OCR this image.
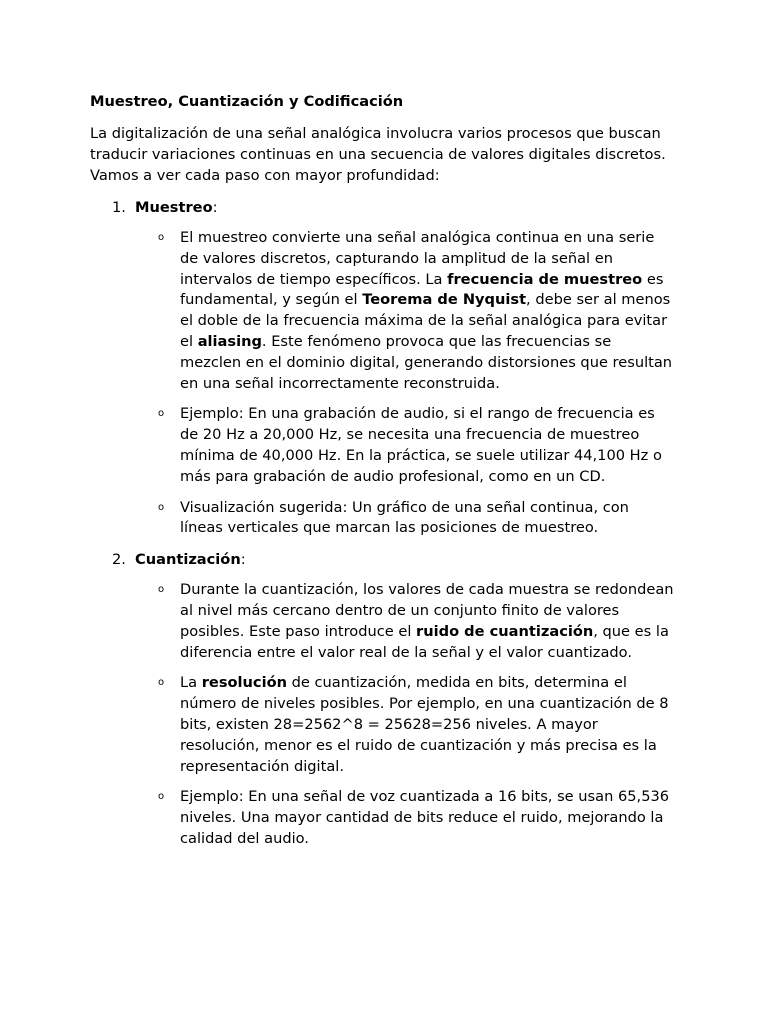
Muestreo, Cuantización y Codificación
La digitalización de una señal analógica involucra varios procesos que buscan traducir variaciones continuas en una secuencia de valores digitales discretos. Vamos a ver cada paso con mayor profundidad:
1. Muestreo:
o El muestreo convierte una señal analógica continua en una serie de valores discretos, capturando la amplitud de la señal en intervalos de tiempo específicos. La frecuencia de muestreo es fundamental, y según el Teorema de Nyquist, debe ser al menos el doble de la frecuencia máxima de la señal analógica para evitar el aliasing. Este fenómeno provoca que las frecuencias se mezclen en el dominio digital, generando distorsiones que resultan en una señal incorrectamente reconstruida.
o Ejemplo: En una grabación de audio, si el rango de frecuencia es de 20 Hz a 20,000 Hz, se necesita una frecuencia de muestreo mínima de 40,000 Hz. En la práctica, se suele utilizar 44,100 Hz o más para grabación de audio profesional, como en un CD.
o Visualización sugerida: Un gráfico de una señal continua, con líneas verticales que marcan las posiciones de muestreo.
2. Cuantización:
o Durante la cuantización, los valores de cada muestra se redondean al nivel más cercano dentro de un conjunto finito de valores posibles. Este paso introduce el ruido de cuantización, que es la diferencia entre el valor real de la señal y el valor cuantizado.
o La resolución de cuantización, medida en bits, determina el número de niveles posibles. Por ejemplo, en una cuantización de 8 bits, existen 28=2562^8 = 25628=256 niveles. A mayor resolución, menor es el ruido de cuantización y más precisa es la representación digital.
o Ejemplo: En una señal de voz cuantizada a 16 bits, se usan 65,536 niveles. Una mayor cantidad de bits reduce el ruido, mejorando la calidad del audio.
